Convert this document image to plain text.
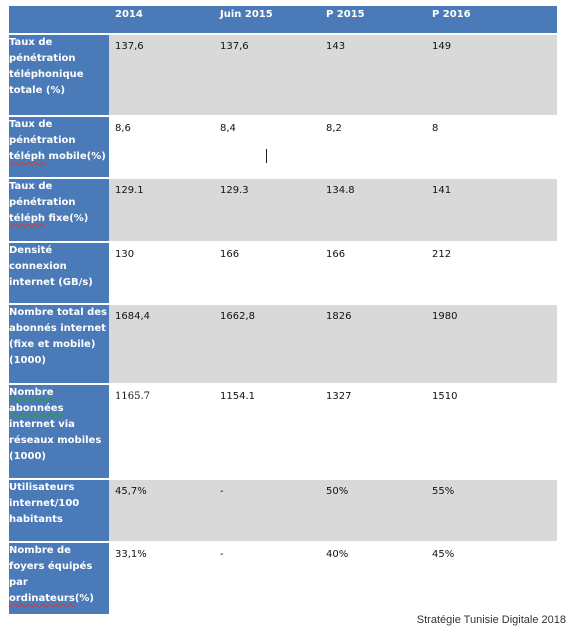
	2014	Juin 2015	P 2015	P 2016
Taux de pénétration téléphonique totale (%)	137,6	137,6	143	149
Taux de pénétration téléph mobile(%)	8,6	8,4	8,2	8
Taux de pénétration téléph fixe(%)	129.1	129.3	134.8	141
Densité connexion internet (GB/s)	130	166	166	212
Nombre total des abonnés internet (fixe et mobile) (1000)	1684,4	1662,8	1826	1980
Nombre abonnées internet via réseaux mobiles (1000)	1165.7	1154.1	1327	1510
Utilisateurs internet/100 habitants	45,7%	-	50%	55%
Nombre de foyers équipés par ordinateurs(%)	33,1%	-	40%	45%
Stratégie Tunisie Digitale 2018
